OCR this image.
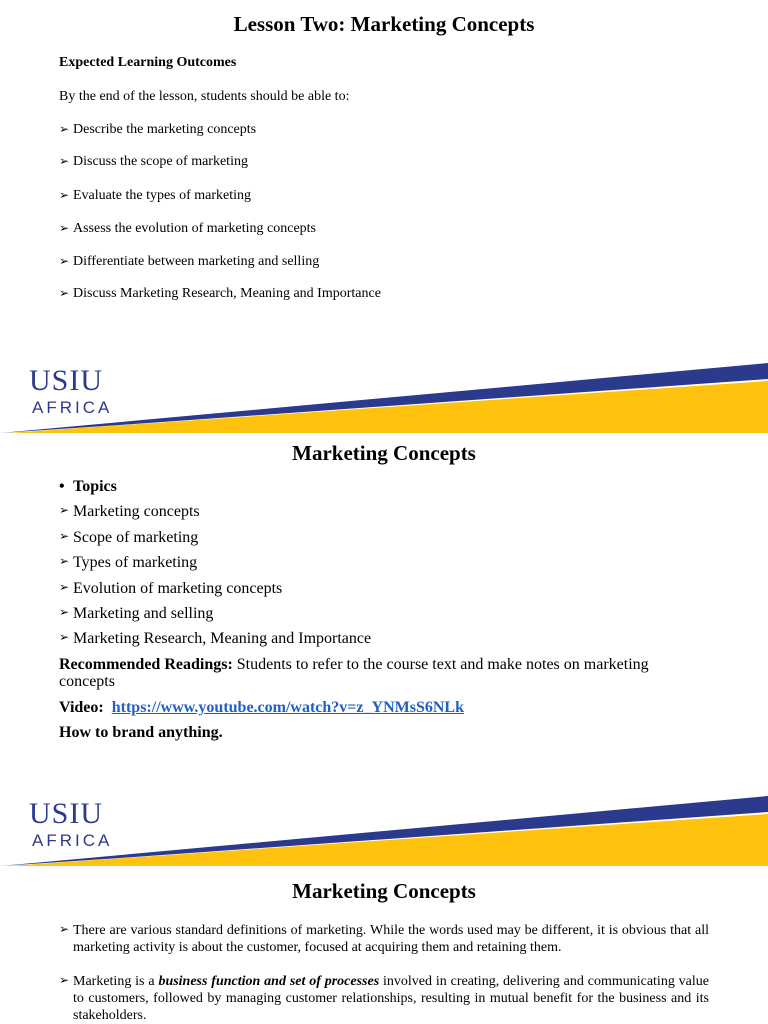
Lesson Two: Marketing Concepts
Expected Learning Outcomes
By the end of the lesson, students should be able to:
➢ Describe the marketing concepts
➢ Discuss the scope of marketing
➢ Evaluate the types of marketing
➢ Assess the evolution of marketing concepts
➢ Differentiate between marketing and selling
➢ Discuss Marketing Research, Meaning and Importance
USIU
AFRICA
Marketing Concepts
• Topics
➢ Marketing concepts
➢ Scope of marketing
➢ Types of marketing
➢ Evolution of marketing concepts
➢ Marketing and selling
➢ Marketing Research, Meaning and Importance
Recommended Readings: Students to refer to the course text and make notes on marketing concepts
Video: https://www.youtube.com/watch?v=z_YNMsS6NLk
How to brand anything.
USIU
AFRICA
Marketing Concepts
➢ There are various standard definitions of marketing. While the words used may be different, it is obvious that all marketing activity is about the customer, focused at acquiring them and retaining them.
➢ Marketing is a business function and set of processes involved in creating, delivering and communicating value to customers, followed by managing customer relationships, resulting in mutual benefit for the business and its stakeholders.
